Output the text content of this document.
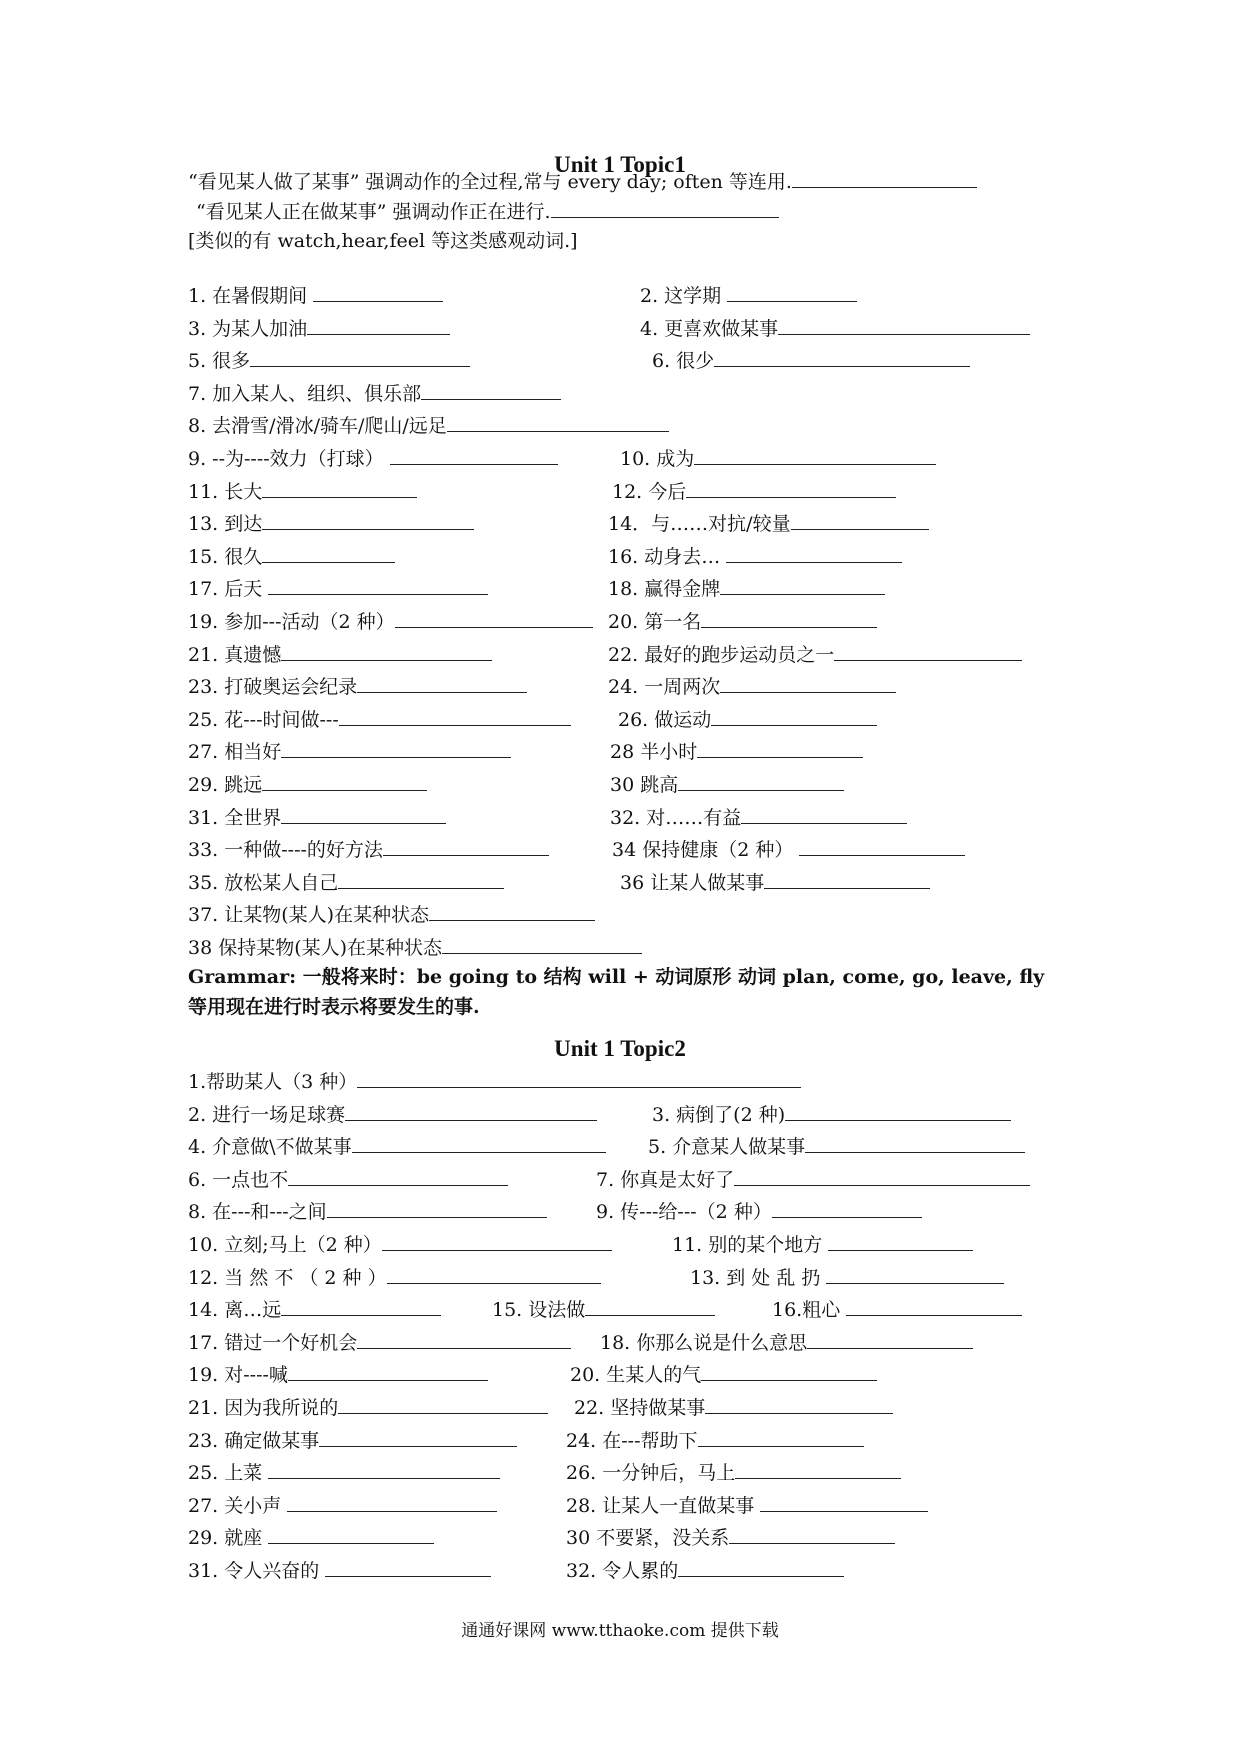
Unit 1 Topic1
“看见某人做了某事” 强调动作的全过程,常与 every day; often 等连用.
“看见某人正在做某事” 强调动作正在进行.
[类似的有 watch,hear,feel 等这类感观动词.]
1. 在暑假期间	2. 这学期
3. 为某人加油	4. 更喜欢做某事
5. 很多	6. 很少
7. 加入某人、组织、俱乐部
8. 去滑雪/滑冰/骑车/爬山/远足
9. --为----效力（打球）	10. 成为
11. 长大	12. 今后
13. 到达	14．与……对抗/较量
15. 很久	16. 动身去…
17. 后天	18. 赢得金牌
19. 参加---活动（2 种）	20. 第一名
21. 真遗憾	22. 最好的跑步运动员之一
23. 打破奥运会纪录	24. 一周两次
25. 花---时间做---	26. 做运动
27. 相当好	28 半小时
29. 跳远	30 跳高
31. 全世界	32. 对……有益
33. 一种做----的好方法	34 保持健康（2 种）
35. 放松某人自己	36 让某人做某事
37. 让某物(某人)在某种状态
38 保持某物(某人)在某种状态
Grammar: 一般将来时：be going to 结构 will + 动词原形 动词 plan, come, go, leave, fly 等用现在进行时表示将要发生的事.
Unit 1 Topic2
1.帮助某人（3 种）
2. 进行一场足球赛	3. 病倒了(2 种)
4. 介意做\不做某事	5. 介意某人做某事
6. 一点也不	7. 你真是太好了
8. 在---和---之间	9. 传---给---（2 种）
10. 立刻;马上（2 种）	11. 别的某个地方
12. 当 然 不 （ 2 种 ）	13. 到 处 乱 扔
14. 离…远	15. 设法做	16.粗心
17. 错过一个好机会	18. 你那么说是什么意思
19. 对----喊	20. 生某人的气
21. 因为我所说的	22. 坚持做某事
23. 确定做某事	24. 在---帮助下
25. 上菜	26. 一分钟后，马上
27. 关小声	28. 让某人一直做某事
29. 就座	30 不要紧，没关系
31. 令人兴奋的	32. 令人累的
通通好课网 www.tthaoke.com 提供下载
